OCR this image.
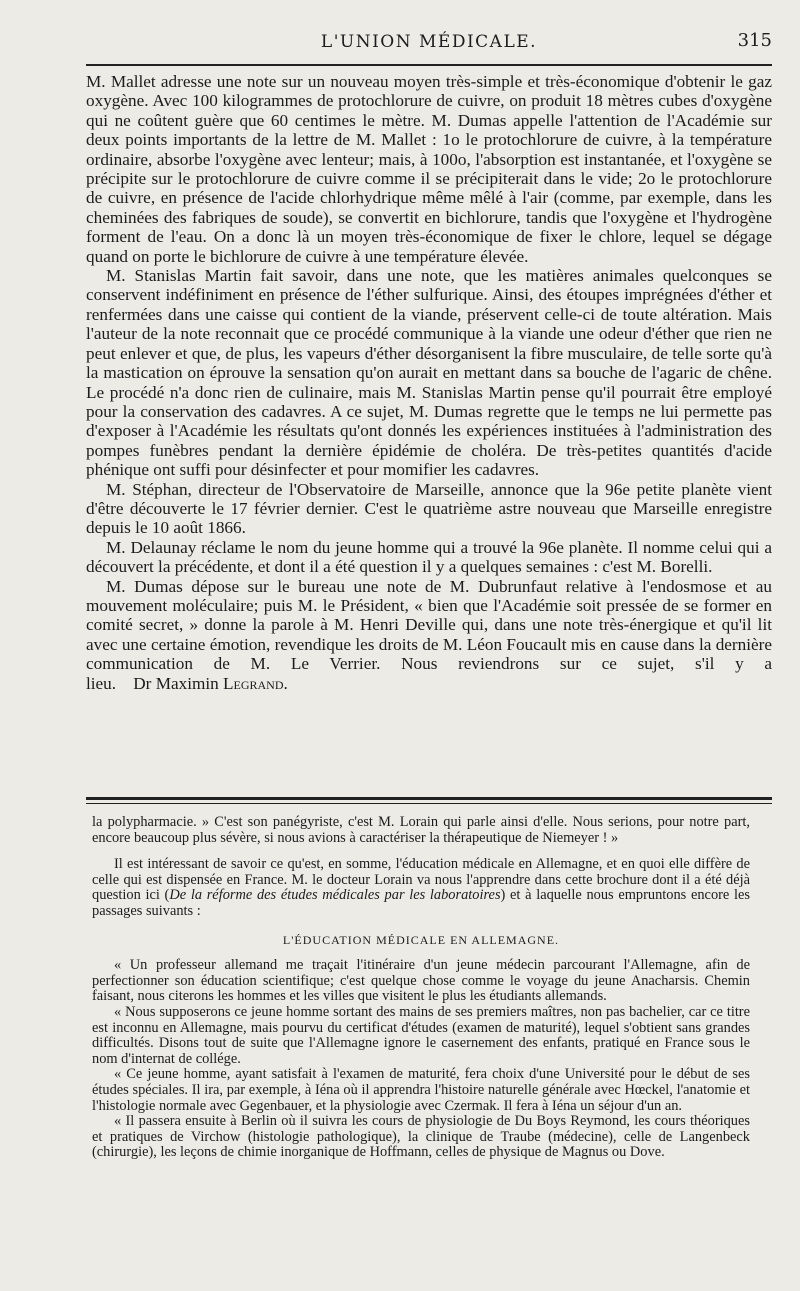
L'UNION MÉDICALE.	315

M. Mallet adresse une note sur un nouveau moyen très-simple et très-économique d'obtenir le gaz oxygène. Avec 100 kilogrammes de protochlorure de cuivre, on produit 18 mètres cubes d'oxygène qui ne coûtent guère que 60 centimes le mètre. M. Dumas appelle l'attention de l'Académie sur deux points importants de la lettre de M. Mallet : 1o le protochlorure de cuivre, à la température ordinaire, absorbe l'oxygène avec lenteur; mais, à 100o, l'absorption est instantanée, et l'oxygène se précipite sur le protochlorure de cuivre comme il se précipiterait dans le vide; 2o le protochlorure de cuivre, en présence de l'acide chlorhydrique même mêlé à l'air (comme, par exemple, dans les cheminées des fabriques de soude), se convertit en bichlorure, tandis que l'oxygène et l'hydrogène forment de l'eau. On a donc là un moyen très-économique de fixer le chlore, lequel se dégage quand on porte le bichlorure de cuivre à une température élevée.

M. Stanislas Martin fait savoir, dans une note, que les matières animales quelconques se conservent indéfiniment en présence de l'éther sulfurique. Ainsi, des étoupes imprégnées d'éther et renfermées dans une caisse qui contient de la viande, préservent celle-ci de toute altération. Mais l'auteur de la note reconnait que ce procédé communique à la viande une odeur d'éther que rien ne peut enlever et que, de plus, les vapeurs d'éther désorganisent la fibre musculaire, de telle sorte qu'à la mastication on éprouve la sensation qu'on aurait en mettant dans sa bouche de l'agaric de chêne. Le procédé n'a donc rien de culinaire, mais M. Stanislas Martin pense qu'il pourrait être employé pour la conservation des cadavres. A ce sujet, M. Dumas regrette que le temps ne lui permette pas d'exposer à l'Académie les résultats qu'ont donnés les expériences instituées à l'administration des pompes funèbres pendant la dernière épidémie de choléra. De très-petites quantités d'acide phénique ont suffi pour désinfecter et pour momifier les cadavres.

M. Stéphan, directeur de l'Observatoire de Marseille, annonce que la 96e petite planète vient d'être découverte le 17 février dernier. C'est le quatrième astre nouveau que Marseille enregistre depuis le 10 août 1866.

M. Delaunay réclame le nom du jeune homme qui a trouvé la 96e planète. Il nomme celui qui a découvert la précédente, et dont il a été question il y a quelques semaines : c'est M. Borelli.

M. Dumas dépose sur le bureau une note de M. Dubrunfaut relative à l'endosmose et au mouvement moléculaire; puis M. le Président, « bien que l'Académie soit pressée de se former en comité secret, » donne la parole à M. Henri Deville qui, dans une note très-énergique et qu'il lit avec une certaine émotion, revendique les droits de M. Léon Foucault mis en cause dans la dernière communication de M. Le Verrier. Nous reviendrons sur ce sujet, s'il y a lieu. Dr Maximin Legrand.

la polypharmacie. » C'est son panégyriste, c'est M. Lorain qui parle ainsi d'elle. Nous serions, pour notre part, encore beaucoup plus sévère, si nous avions à caractériser la thérapeutique de Niemeyer ! »

Il est intéressant de savoir ce qu'est, en somme, l'éducation médicale en Allemagne, et en quoi elle diffère de celle qui est dispensée en France. M. le docteur Lorain va nous l'apprendre dans cette brochure dont il a été déjà question ici (De la réforme des études médicales par les laboratoires) et à laquelle nous empruntons encore les passages suivants :

L'ÉDUCATION MÉDICALE EN ALLEMAGNE.

« Un professeur allemand me traçait l'itinéraire d'un jeune médecin parcourant l'Allemagne, afin de perfectionner son éducation scientifique; c'est quelque chose comme le voyage du jeune Anacharsis. Chemin faisant, nous citerons les hommes et les villes que visitent le plus les étudiants allemands.

« Nous supposerons ce jeune homme sortant des mains de ses premiers maîtres, non pas bachelier, car ce titre est inconnu en Allemagne, mais pourvu du certificat d'études (examen de maturité), lequel s'obtient sans grandes difficultés. Disons tout de suite que l'Allemagne ignore le casernement des enfants, pratiqué en France sous le nom d'internat de collége.

« Ce jeune homme, ayant satisfait à l'examen de maturité, fera choix d'une Université pour le début de ses études spéciales. Il ira, par exemple, à Iéna où il apprendra l'histoire naturelle générale avec Hœckel, l'anatomie et l'histologie normale avec Gegenbauer, et la physiologie avec Czermak. Il fera à Iéna un séjour d'un an.

« Il passera ensuite à Berlin où il suivra les cours de physiologie de Du Boys Reymond, les cours théoriques et pratiques de Virchow (histologie pathologique), la clinique de Traube (médecine), celle de Langenbeck (chirurgie), les leçons de chimie inorganique de Hoffmann, celles de physique de Magnus ou Dove.
